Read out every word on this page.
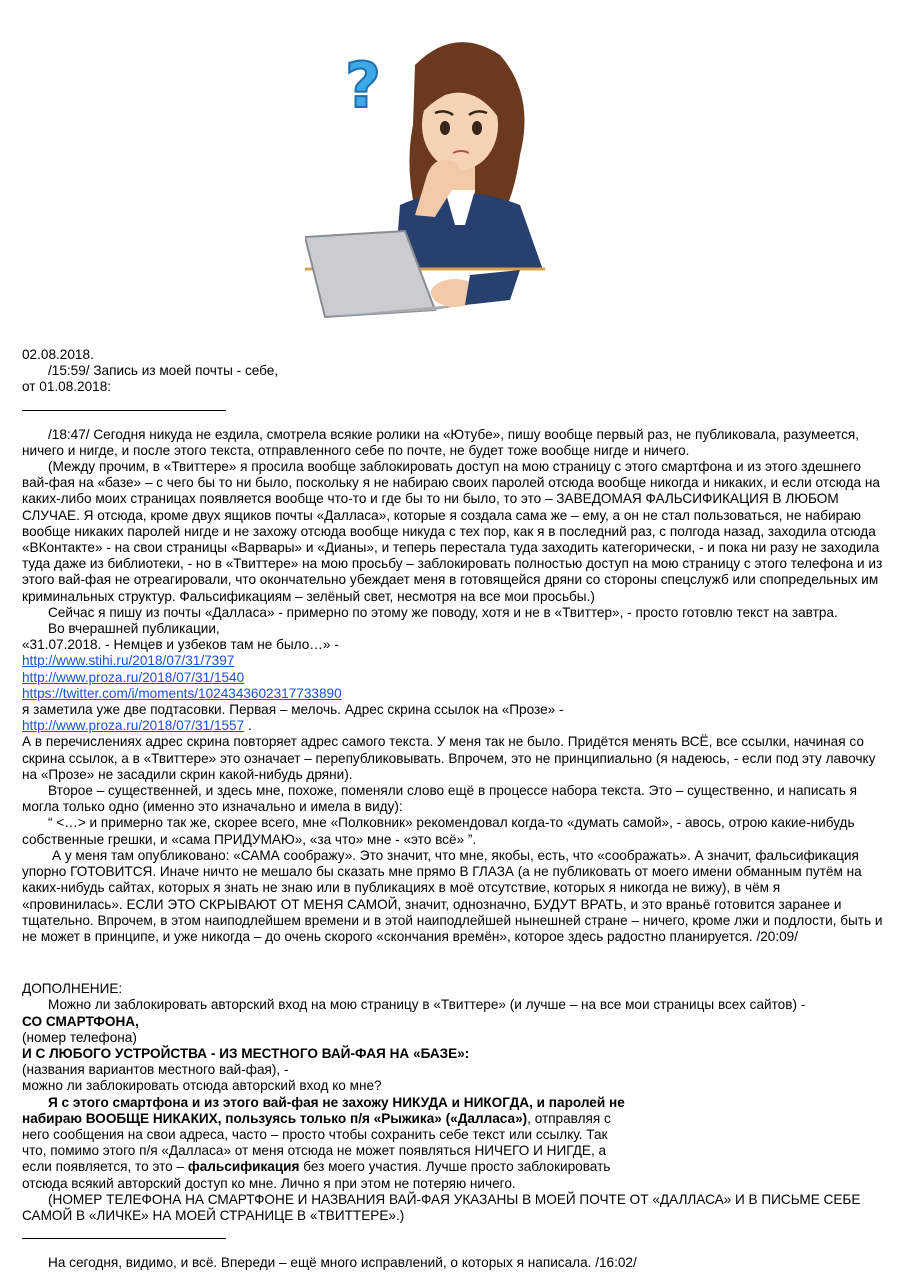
?

02.08.2018.

/15:59/ Запись из моей почты - себе,

от 01.08.2018:

/18:47/ Сегодня никуда не ездила, смотрела всякие ролики на «Ютубе», пишу вообще первый раз, не публиковала, разумеется, ничего и нигде, и после этого текста, отправленного себе по почте, не будет тоже вообще нигде и ничего.

(Между прочим, в «Твиттере» я просила вообще заблокировать доступ на мою страницу с этого смартфона и из этого здешнего вай-фая на «базе» – с чего бы то ни было, поскольку я не набираю своих паролей отсюда вообще никогда и никаких, и если отсюда на каких-либо моих страницах появляется вообще что-то и где бы то ни было, то это – ЗАВЕДОМАЯ ФАЛЬСИФИКАЦИЯ В ЛЮБОМ СЛУЧАЕ. Я отсюда, кроме двух ящиков почты «Далласа», которые я создала сама же – ему, а он не стал пользоваться, не набираю вообще никаких паролей нигде и не захожу отсюда вообще никуда с тех пор, как я в последний раз, с полгода назад, заходила отсюда «ВКонтакте» - на свои страницы «Варвары» и «Дианы», и теперь перестала туда заходить категорически, - и пока ни разу не заходила туда даже из библиотеки, - но в «Твиттере» на мою просьбу – заблокировать полностью доступ на мою страницу с этого телефона и из этого вай-фая не отреагировали, что окончательно убеждает меня в готовящейся дряни со стороны спецслужб или спопредельных им криминальных структур. Фальсификациям – зелёный свет, несмотря на все мои просьбы.)

Сейчас я пишу из почты «Далласа» - примерно по этому же поводу, хотя и не в «Твиттер», - просто готовлю текст на завтра.

Во вчерашней публикации,

«31.07.2018. - Немцев и узбеков там не было…» -

http://www.stihi.ru/2018/07/31/7397

http://www.proza.ru/2018/07/31/1540

https://twitter.com/i/moments/1024343602317733890

я заметила уже две подтасовки. Первая – мелочь. Адрес скрина ссылок на «Прозе» -

http://www.proza.ru/2018/07/31/1557 .

А в перечислениях адрес скрина повторяет адрес самого текста. У меня так не было. Придётся менять ВСЁ, все ссылки, начиная со скрина ссылок, а в «Твиттере» это означает – перепубликовывать. Впрочем, это не принципиально (я надеюсь, - если под эту лавочку на «Прозе» не засадили скрин какой-нибудь дряни).

Второе – существенней, и здесь мне, похоже, поменяли слово ещё в процессе набора текста. Это – существенно, и написать я могла только одно (именно это изначально и имела в виду):

“ <…> и примерно так же, скорее всего, мне «Полковник» рекомендовал когда-то «думать самой», - авось, отрою какие-нибудь собственные грешки, и «сама ПРИДУМАЮ», «за что» мне - «это всё» ”.

А у меня там опубликовано: «САМА соображу». Это значит, что мне, якобы, есть, что «соображать». А значит, фальсификация упорно ГОТОВИТСЯ. Иначе ничто не мешало бы сказать мне прямо В ГЛАЗА (а не публиковать от моего имени обманным путём на каких-нибудь сайтах, которых я знать не знаю или в публикациях в моё отсутствие, которых я никогда не вижу), в чём я «провинилась». ЕСЛИ ЭТО СКРЫВАЮТ ОТ МЕНЯ САМОЙ, значит, однозначно, БУДУТ ВРАТЬ, и это враньё готовится заранее и тщательно. Впрочем, в этом наиподлейшем времени и в этой наиподлейшей нынешней стране – ничего, кроме лжи и подлости, быть и не может в принципе, и уже никогда – до очень скорого «скончания времён», которое здесь радостно планируется. /20:09/

ДОПОЛНЕНИЕ:

Можно ли заблокировать авторский вход на мою страницу в «Твиттере» (и лучше – на все мои страницы всех сайтов) -

СО СМАРТФОНА,

(номер телефона)

И С ЛЮБОГО УСТРОЙСТВА - ИЗ МЕСТНОГО ВАЙ-ФАЯ НА «БАЗЕ»:

(названия вариантов местного вай-фая), -

можно ли заблокировать отсюда авторский вход ко мне?

Я с этого смартфона и из этого вай-фая не захожу НИКУДА и НИКОГДА, и паролей не набираю ВООБЩЕ НИКАКИХ, пользуясь только п/я «Рыжика» («Далласа»), отправляя с него сообщения на свои адреса, часто – просто чтобы сохранить себе текст или ссылку. Так что, помимо этого п/я «Далласа» от меня отсюда не может появляться НИЧЕГО И НИГДЕ, а если появляется, то это – фальсификация без моего участия. Лучше просто заблокировать отсюда всякий авторский доступ ко мне. Лично я при этом не потеряю ничего.

(НОМЕР ТЕЛЕФОНА НА СМАРТФОНЕ И НАЗВАНИЯ ВАЙ-ФАЯ УКАЗАНЫ В МОЕЙ ПОЧТЕ ОТ «ДАЛЛАСА» И В ПИСЬМЕ СЕБЕ САМОЙ В «ЛИЧКЕ» НА МОЕЙ СТРАНИЦЕ В «ТВИТТЕРЕ».)

На сегодня, видимо, и всё. Впереди – ещё много исправлений, о которых я написала. /16:02/
